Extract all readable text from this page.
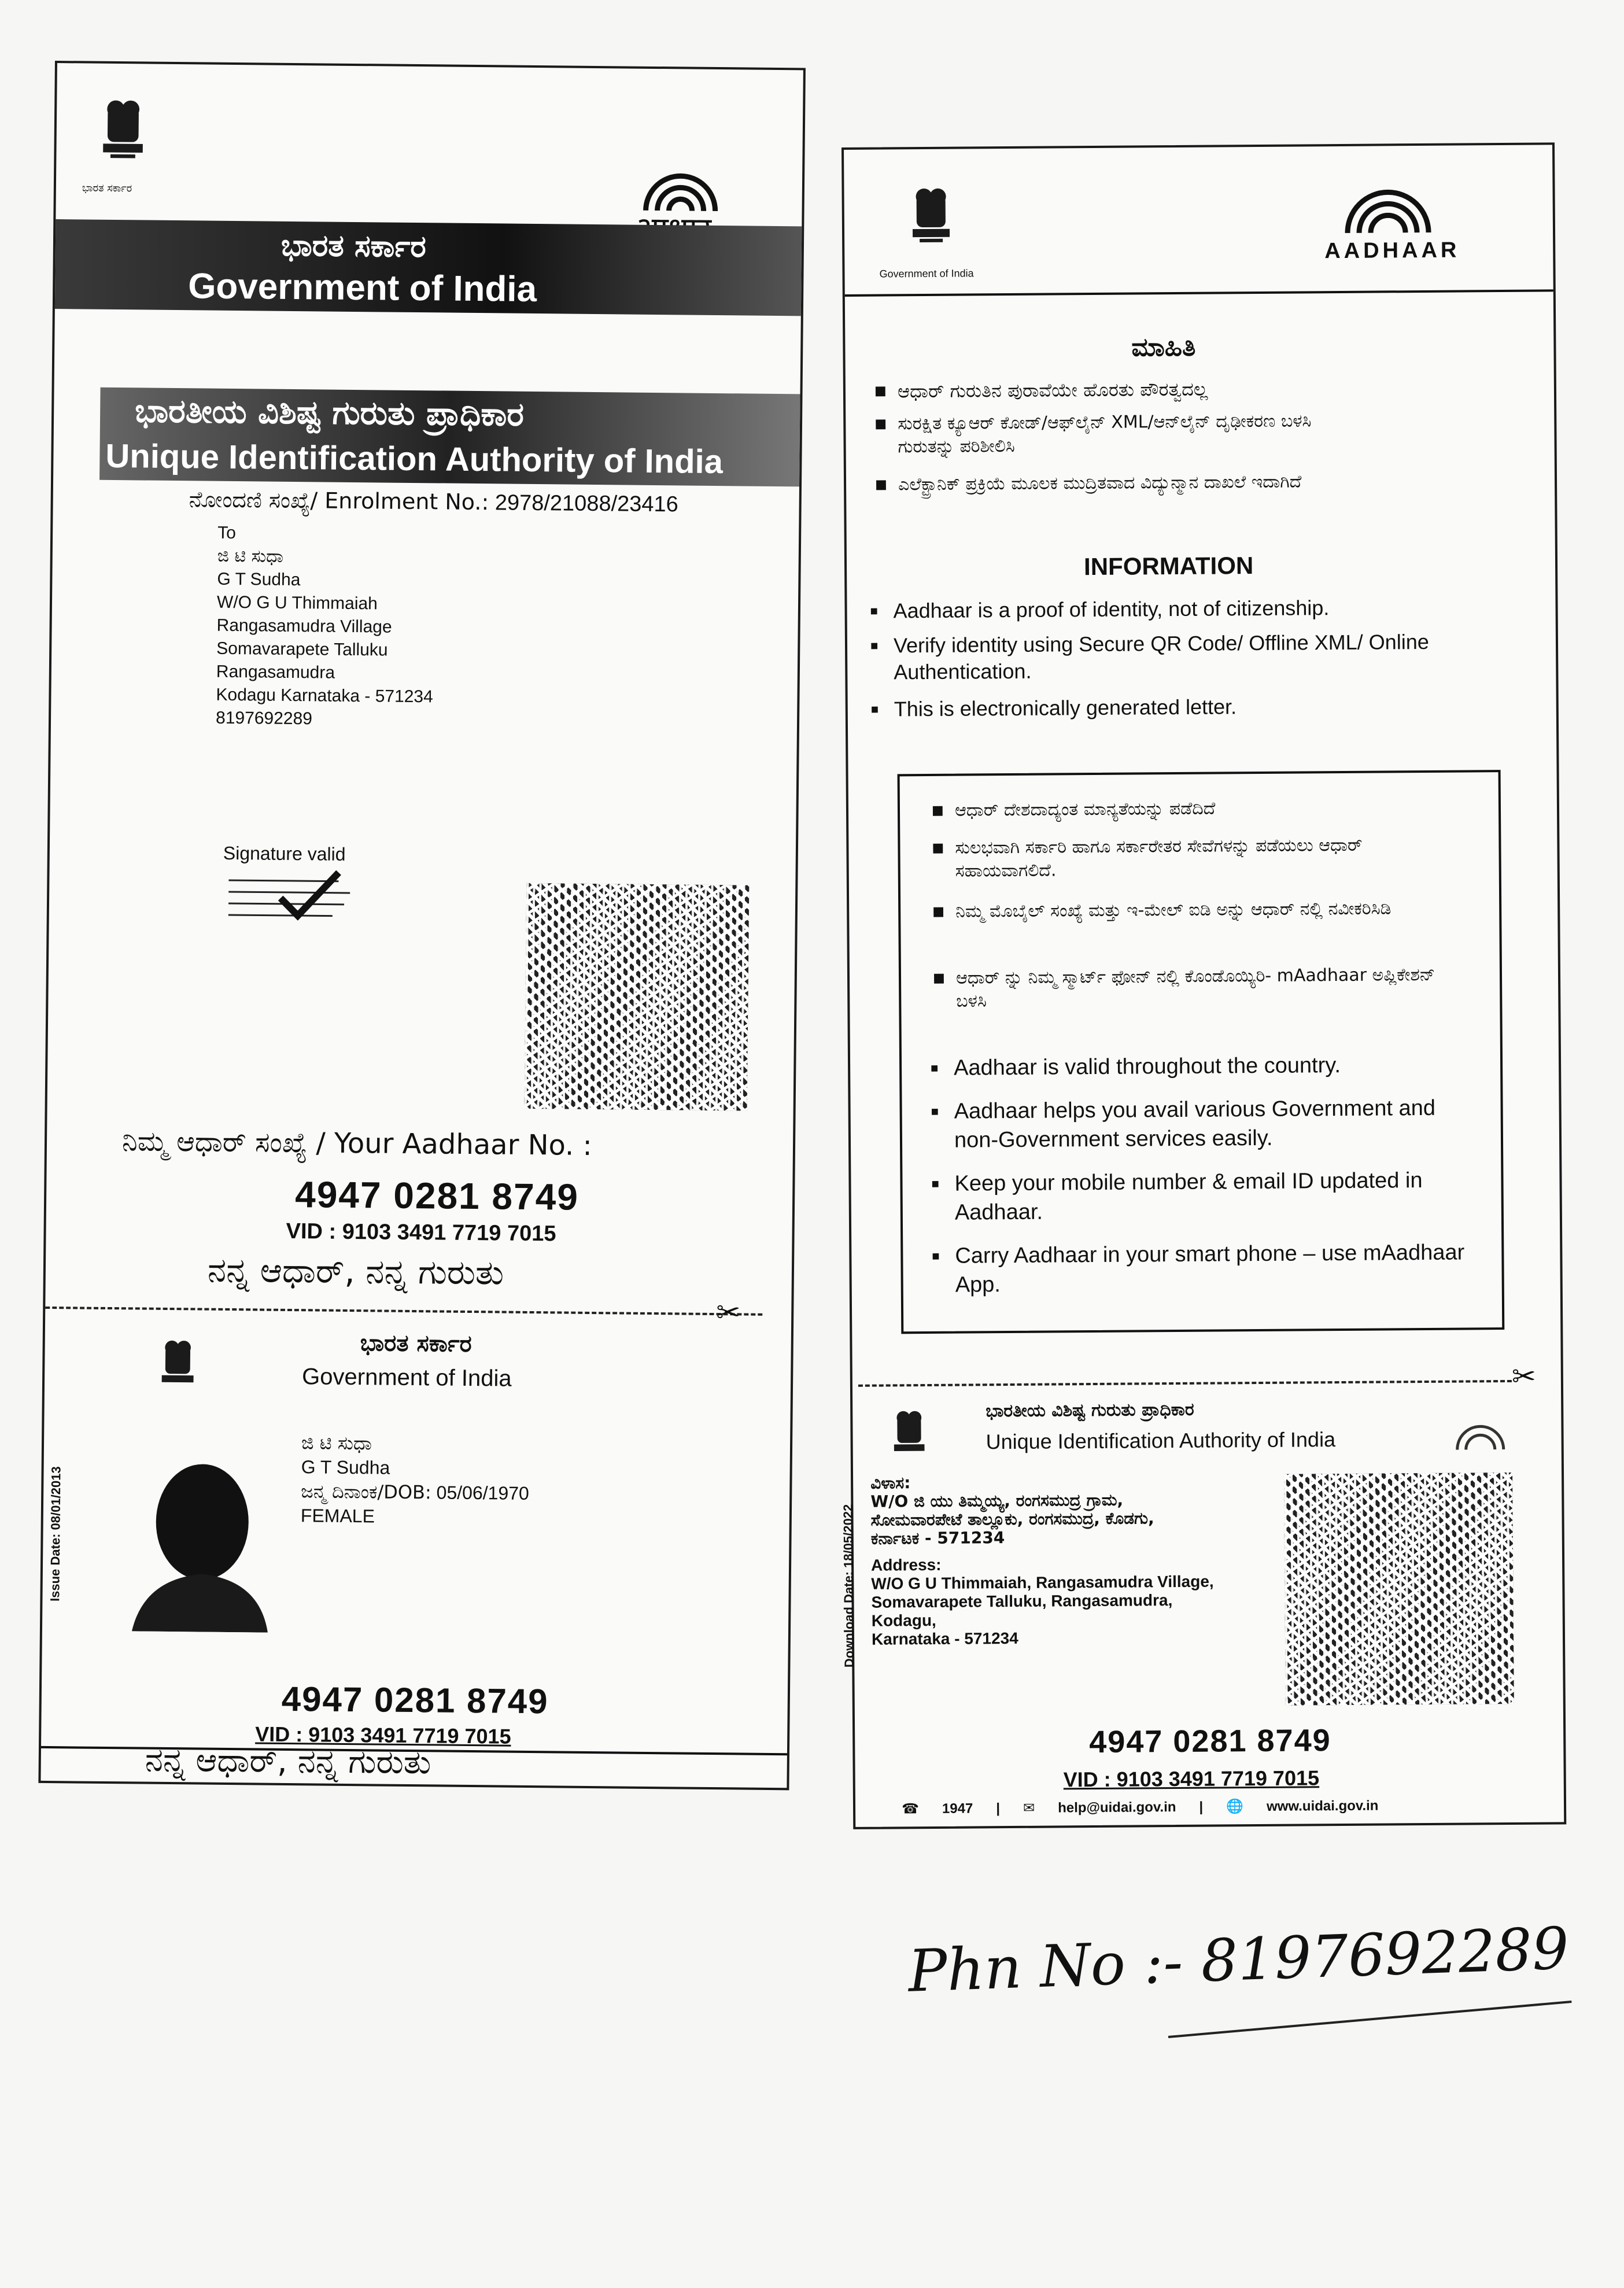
ಭಾರತ ಸರ್ಕಾರ
ಭಾರತ ಸರ್ಕಾರ
Government of India
ಭಾರತೀಯ ವಿಶಿಷ್ಟ ಗುರುತು ಪ್ರಾಧಿಕಾರ
Unique Identification Authority of India
ನೋಂದಣಿ ಸಂಖ್ಯೆ/ Enrolment No.: 2978/21088/23416
To
ಜಿ ಟಿ ಸುಧಾ
G T Sudha
W/O G U Thimmaiah
Rangasamudra Village
Somavarapete Talluku
Rangasamudra
Kodagu Karnataka - 571234
8197692289
Signature valid
ನಿಮ್ಮ ಆಧಾರ್ ಸಂಖ್ಯೆ / Your Aadhaar No. :
4947 0281 8749
VID : 9103 3491 7719 7015
ನನ್ನ ಆಧಾರ್, ನನ್ನ ಗುರುತು
✂
ಭಾರತ ಸರ್ಕಾರ
Government of India
Issue Date: 08/01/2013
ಜಿ ಟಿ ಸುಧಾ
G T Sudha
ಜನ್ಮ ದಿನಾಂಕ/DOB: 05/06/1970
FEMALE
4947 0281 8749
VID : 9103 3491 7719 7015
ನನ್ನ ಆಧಾರ್, ನನ್ನ ಗುರುತು
Government of India
AADHAAR
ಮಾಹಿತಿ
■ ಆಧಾರ್ ಗುರುತಿನ ಪುರಾವೆಯೇ ಹೊರತು ಪೌರತ್ವದಲ್ಲ
■ ಸುರಕ್ಷಿತ ಕ್ಯೂಆರ್ ಕೋಡ್/ಆಫ್‌ಲೈನ್ XML/ಆನ್‌ಲೈನ್ ದೃಢೀಕರಣ ಬಳಸಿ ಗುರುತನ್ನು ಪರಿಶೀಲಿಸಿ
■ ಎಲೆಕ್ಟ್ರಾನಿಕ್ ಪ್ರಕ್ರಿಯೆ ಮೂಲಕ ಮುದ್ರಿತವಾದ ವಿದ್ಯುನ್ಮಾನ ದಾಖಲೆ ಇದಾಗಿದೆ
INFORMATION
■ Aadhaar is a proof of identity, not of citizenship.
■ Verify identity using Secure QR Code/ Offline XML/ Online Authentication.
■ This is electronically generated letter.
■ ಆಧಾರ್ ದೇಶದಾದ್ಯಂತ ಮಾನ್ಯತೆಯನ್ನು ಪಡೆದಿದೆ
■ ಸುಲಭವಾಗಿ ಸರ್ಕಾರಿ ಹಾಗೂ ಸರ್ಕಾರೇತರ ಸೇವೆಗಳನ್ನು ಪಡೆಯಲು ಆಧಾರ್ ಸಹಾಯವಾಗಲಿದೆ.
■ ನಿಮ್ಮ ಮೊಬೈಲ್ ಸಂಖ್ಯೆ ಮತ್ತು ಇ-ಮೇಲ್ ಐಡಿ ಅನ್ನು ಆಧಾರ್ ನಲ್ಲಿ ನವೀಕರಿಸಿಡಿ
■ ಆಧಾರ್ ನ್ನು ನಿಮ್ಮ ಸ್ಮಾರ್ಟ್ ಫೋನ್ ನಲ್ಲಿ ಕೊಂಡೊಯ್ಯಿರಿ- mAadhaar ಅಪ್ಲಿಕೇಶನ್ ಬಳಸಿ
■ Aadhaar is valid throughout the country.
■ Aadhaar helps you avail various Government and non-Government services easily.
■ Keep your mobile number & email ID updated in Aadhaar.
■ Carry Aadhaar in your smart phone – use mAadhaar App.
✂
ಭಾರತೀಯ ವಿಶಿಷ್ಟ ಗುರುತು ಪ್ರಾಧಿಕಾರ
Unique Identification Authority of India
Download Date: 18/05/2022
ವಿಳಾಸ:
W/O ಜಿ ಯು ತಿಮ್ಮಯ್ಯ, ರಂಗಸಮುದ್ರ ಗ್ರಾಮ,
ಸೋಮವಾರಪೇಟೆ ತಾಲ್ಲೂಕು, ರಂಗಸಮುದ್ರ, ಕೊಡಗು,
ಕರ್ನಾಟಕ - 571234
Address:
W/O G U Thimmaiah, Rangasamudra Village,
Somavarapete Talluku, Rangasamudra,
Kodagu,
Karnataka - 571234
4947 0281 8749
VID : 9103 3491 7719 7015
☎ 1947 | ✉ help@uidai.gov.in | 🌐 www.uidai.gov.in
Phn No :- 8197692289
